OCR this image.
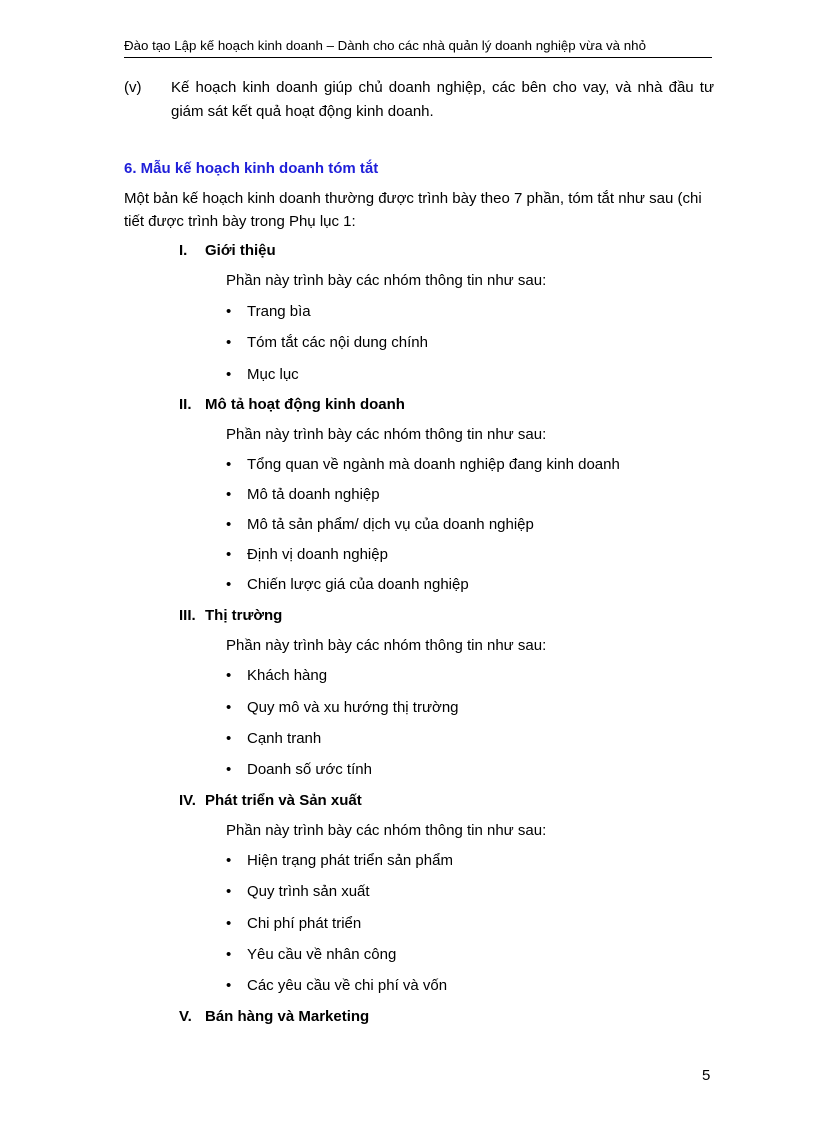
Đào tạo Lập kế hoạch kinh doanh – Dành cho các nhà quản lý doanh nghiệp vừa và nhỏ
(v) Kế hoạch kinh doanh giúp chủ doanh nghiệp, các bên cho vay, và nhà đầu tư giám sát kết quả hoạt động kinh doanh.
6. Mẫu kế hoạch kinh doanh tóm tắt
Một bản kế hoạch kinh doanh thường được trình bày theo 7 phần, tóm tắt như sau (chi tiết được trình bày trong Phụ lục 1:
I. Giới thiệu
Phần này trình bày các nhóm thông tin như sau:
• Trang bìa
• Tóm tắt các nội dung chính
• Mục lục
II. Mô tả hoạt động kinh doanh
Phần này trình bày các nhóm thông tin như sau:
• Tổng quan về ngành mà doanh nghiệp đang kinh doanh
• Mô tả doanh nghiệp
• Mô tả sản phẩm/ dịch vụ của doanh nghiệp
• Định vị doanh nghiệp
• Chiến lược giá của doanh nghiệp
III. Thị trường
Phần này trình bày các nhóm thông tin như sau:
• Khách hàng
• Quy mô và xu hướng thị trường
• Cạnh tranh
• Doanh số ước tính
IV. Phát triển và Sản xuất
Phần này trình bày các nhóm thông tin như sau:
• Hiện trạng phát triển sản phẩm
• Quy trình sản xuất
• Chi phí phát triển
• Yêu cầu về nhân công
• Các yêu cầu về chi phí và vốn
V. Bán hàng và Marketing
5
